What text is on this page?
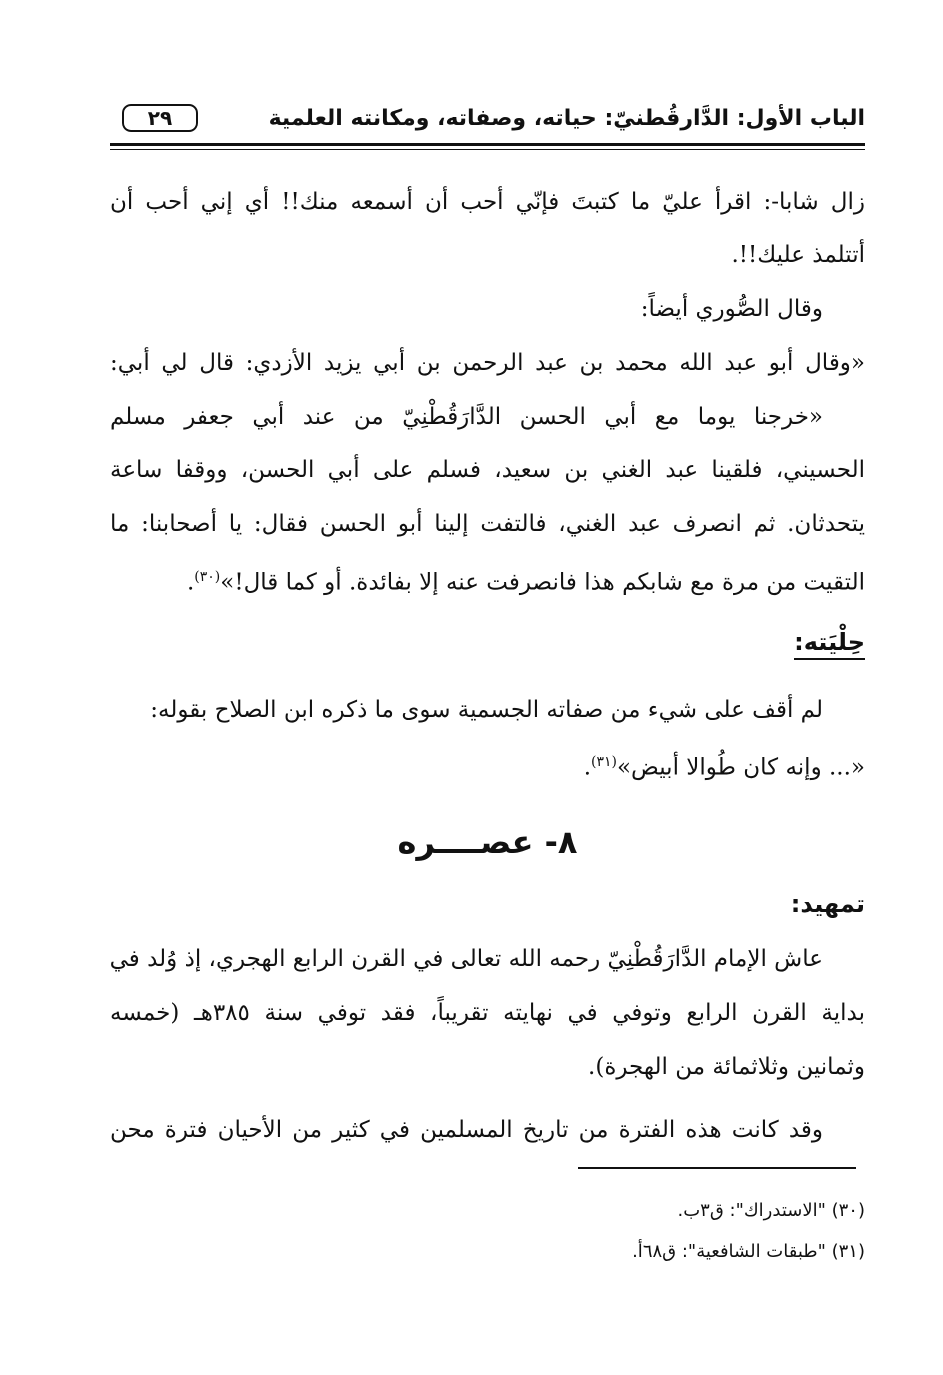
الباب الأول: الدَّارقُطنيّ: حياته، وصفاته، ومكانته العلمية
٢٩
زال شابا-: اقرأ عليّ ما كتبتَ فإنّي أحب أن أسمعه منك!! أي إني أحب أن
أتتلمذ عليك!!.
وقال الصُّوري أيضاً:
«وقال أبو عبد الله محمد بن عبد الرحمن بن أبي يزيد الأزدي: قال لي أبي:
«خرجنا يوما مع أبي الحسن الدَّارَقُطْنِيّ من عند أبي جعفر مسلم
الحسيني، فلقينا عبد الغني بن سعيد، فسلم على أبي الحسن، ووقفا ساعة
يتحدثان. ثم انصرف عبد الغني، فالتفت إلينا أبو الحسن فقال: يا أصحابنا: ما
التقيت من مرة مع شابكم هذا فانصرفت عنه إلا بفائدة. أو كما قال!»$^{(٣٠)}$.
حِلْيَته:
لم أقف على شيء من صفاته الجسمية سوى ما ذكره ابن الصلاح بقوله:
«... وإنه كان طُوالا أبيض»$^{(٣١)}$.
٨- عصــــره
تمهيد:
عاش الإمام الدَّارَقُطْنِيّ رحمه الله تعالى في القرن الرابع الهجري، إذ وُلد في
بداية القرن الرابع وتوفي في نهايته تقريباً، فقد توفي سنة ٣٨٥هـ (خمسه
وثمانين وثلاثمائة من الهجرة).
وقد كانت هذه الفترة من تاريخ المسلمين في كثير من الأحيان فترة محن
(٣٠) "الاستدراك": ق٣ب.
(٣١) "طبقات الشافعية": ق٦٨أ.
